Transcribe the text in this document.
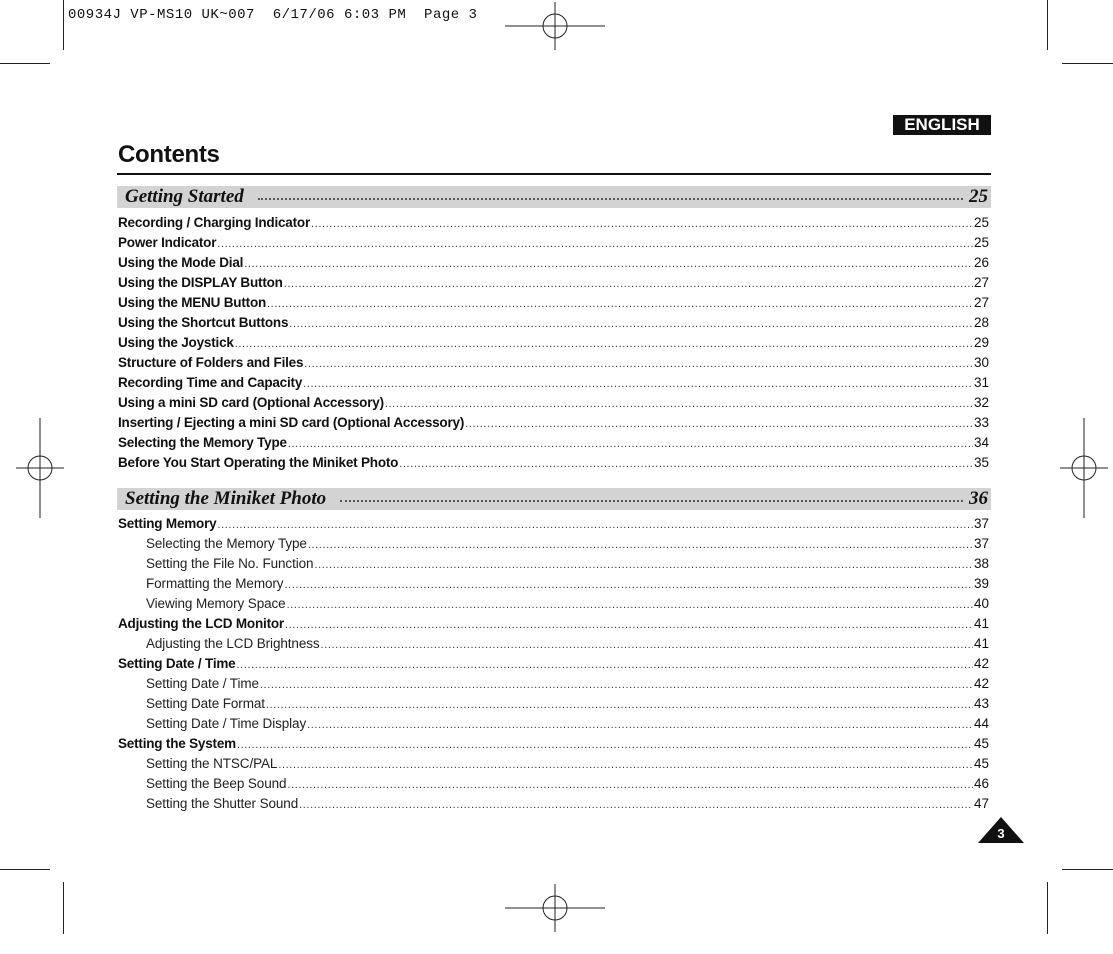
00934J VP-MS10 UK~007  6/17/06 6:03 PM  Page 3
ENGLISH
Contents
Getting Started	25
Recording / Charging Indicator .....	25
Power Indicator .....	25
Using the Mode Dial .....	26
Using the DISPLAY Button .....	27
Using the MENU Button .....	27
Using the Shortcut Buttons .....	28
Using the Joystick .....	29
Structure of Folders and Files .....	30
Recording Time and Capacity .....	31
Using a mini SD card (Optional Accessory) .....	32
Inserting / Ejecting a mini SD card (Optional Accessory) .....	33
Selecting the Memory Type .....	34
Before You Start Operating the Miniket Photo .....	35
Setting the Miniket Photo	36
Setting Memory .....	37
Selecting the Memory Type .....	37
Setting the File No. Function .....	38
Formatting the Memory .....	39
Viewing Memory Space .....	40
Adjusting the LCD Monitor .....	41
Adjusting the LCD Brightness .....	41
Setting Date / Time .....	42
Setting Date / Time .....	42
Setting Date Format .....	43
Setting Date / Time Display .....	44
Setting the System .....	45
Setting the NTSC/PAL .....	45
Setting the Beep Sound .....	46
Setting the Shutter Sound .....	47
3
